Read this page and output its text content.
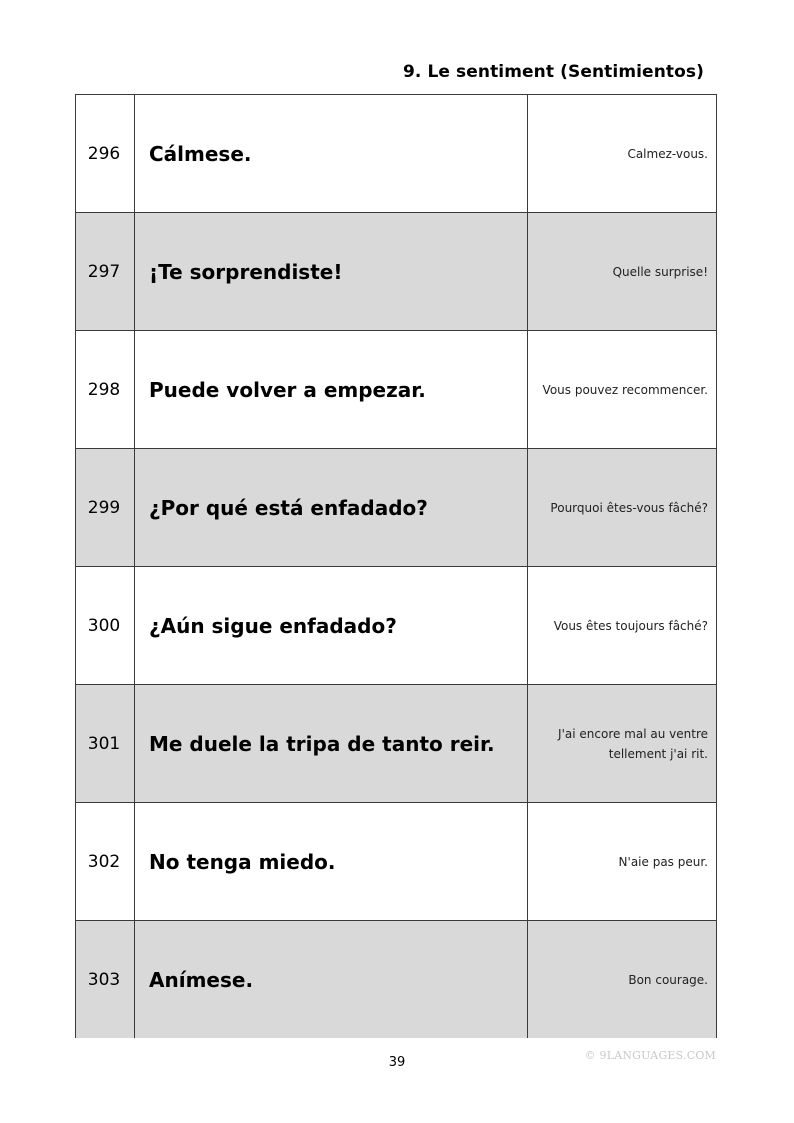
9. Le sentiment (Sentimientos)
296	Cálmese.	Calmez-vous.
297	¡Te sorprendiste!	Quelle surprise!
298	Puede volver a empezar.	Vous pouvez recommencer.
299	¿Por qué está enfadado?	Pourquoi êtes-vous fâché?
300	¿Aún sigue enfadado?	Vous êtes toujours fâché?
301	Me duele la tripa de tanto reir.	J'ai encore mal au ventre tellement j'ai rit.
302	No tenga miedo.	N'aie pas peur.
303	Anímese.	Bon courage.
39	© 9LANGUAGES.COM
